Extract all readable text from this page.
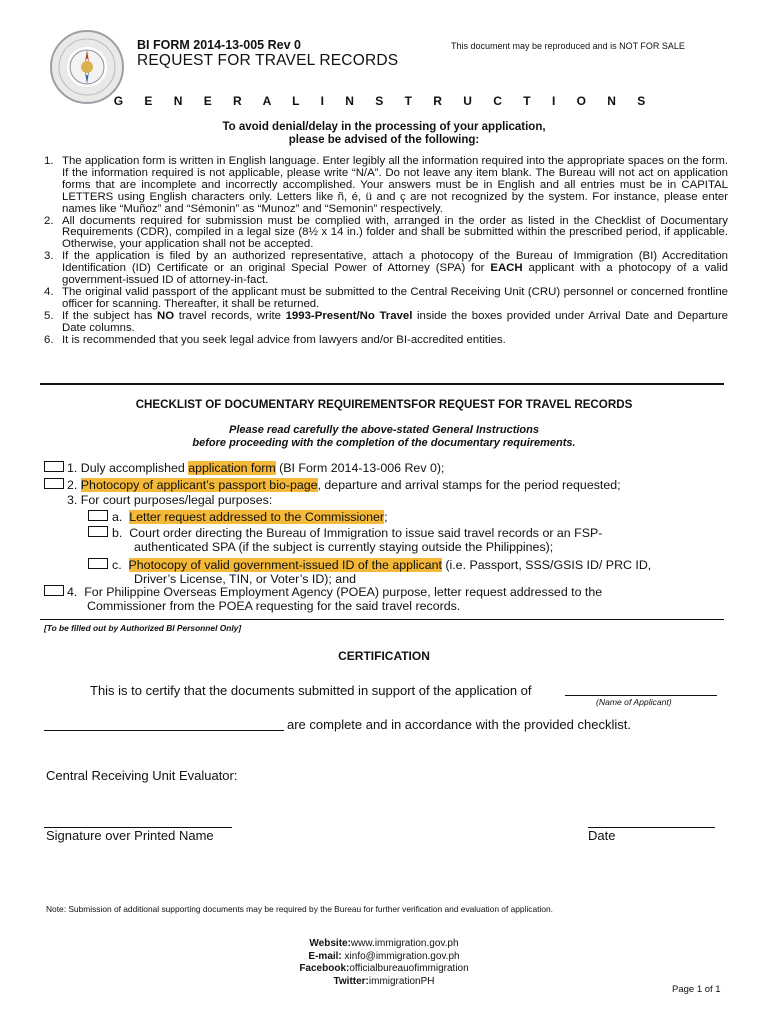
BI FORM 2014-13-005 Rev 0	This document may be reproduced and is NOT FOR SALE
REQUEST FOR TRAVEL RECORDS
G E N E R A L I N S T R U C T I O N S
To avoid denial/delay in the processing of your application,
please be advised of the following:
1. The application form is written in English language. Enter legibly all the information required into the appropriate spaces on the form. If the information required is not applicable, please write “N/A”. Do not leave any item blank. The Bureau will not act on application forms that are incomplete and incorrectly accomplished. Your answers must be in English and all entries must be in CAPITAL LETTERS using English characters only. Letters like ñ, é, ü and ç are not recognized by the system. For instance, please enter names like “Muñoz” and “Sémonin” as “Munoz” and “Semonin” respectively.
2. All documents required for submission must be complied with, arranged in the order as listed in the Checklist of Documentary Requirements (CDR), compiled in a legal size (8½ x 14 in.) folder and shall be submitted within the prescribed period, if applicable. Otherwise, your application shall not be accepted.
3. If the application is filed by an authorized representative, attach a photocopy of the Bureau of Immigration (BI) Accreditation Identification (ID) Certificate or an original Special Power of Attorney (SPA) for EACH applicant with a photocopy of a valid government-issued ID of attorney-in-fact.
4. The original valid passport of the applicant must be submitted to the Central Receiving Unit (CRU) personnel or concerned frontline officer for scanning. Thereafter, it shall be returned.
5. If the subject has NO travel records, write 1993-Present/No Travel inside the boxes provided under Arrival Date and Departure Date columns.
6. It is recommended that you seek legal advice from lawyers and/or BI-accredited entities.
CHECKLIST OF DOCUMENTARY REQUIREMENTSFOR REQUEST FOR TRAVEL RECORDS
Please read carefully the above-stated General Instructions
before proceeding with the completion of the documentary requirements.
1. Duly accomplished application form (BI Form 2014-13-006 Rev 0);
2. Photocopy of applicant’s passport bio-page, departure and arrival stamps for the period requested;
3. For court purposes/legal purposes:
a. Letter request addressed to the Commissioner;
b. Court order directing the Bureau of Immigration to issue said travel records or an FSP-
authenticated SPA (if the subject is currently staying outside the Philippines);
c. Photocopy of valid government-issued ID of the applicant (i.e. Passport, SSS/GSIS ID/ PRC ID,
Driver’s License, TIN, or Voter’s ID); and
4. For Philippine Overseas Employment Agency (POEA) purpose, letter request addressed to the
Commissioner from the POEA requesting for the said travel records.
[To be filled out by Authorized BI Personnel Only]
CERTIFICATION
This is to certify that the documents submitted in support of the application of
(Name of Applicant)
are complete and in accordance with the provided checklist.
Central Receiving Unit Evaluator:
Signature over Printed Name	Date
Note: Submission of additional supporting documents may be required by the Bureau for further verification and evaluation of application.
Website:www.immigration.gov.ph
E-mail: xinfo@immigration.gov.ph
Facebook:officialbureauofimmigration
Twitter:immigrationPH
Page 1 of 1
